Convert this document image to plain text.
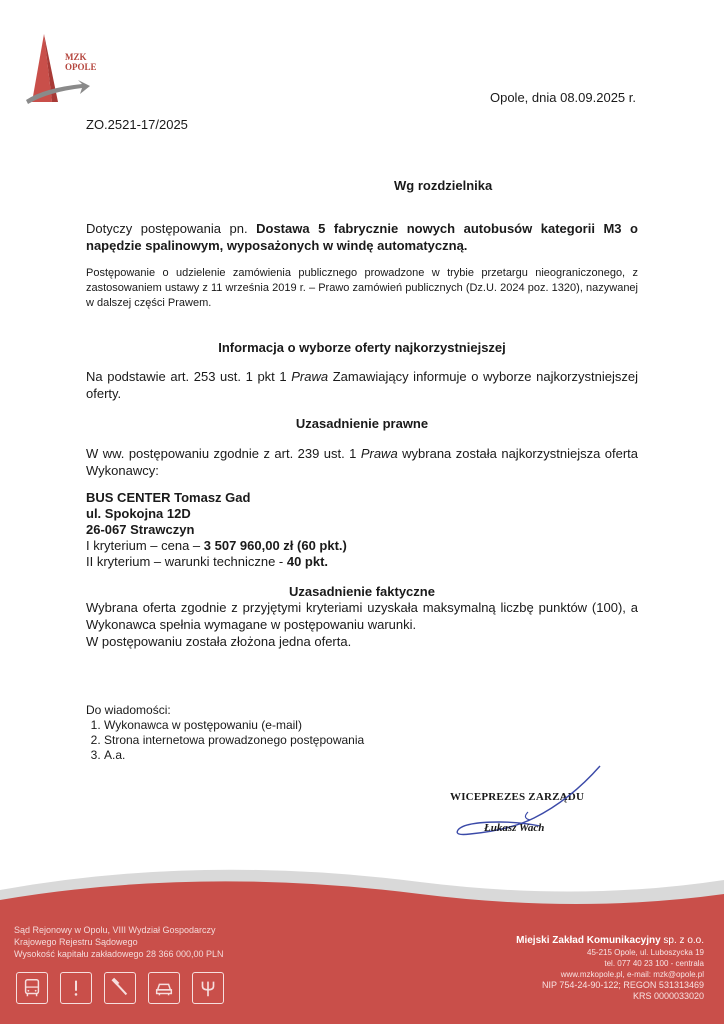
MZK
OPOLE
Opole, dnia 08.09.2025 r.
ZO.2521-17/2025
Wg rozdzielnika
Dotyczy postępowania pn. Dostawa 5 fabrycznie nowych autobusów kategorii M3 o napędzie spalinowym, wyposażonych w windę automatyczną.
Postępowanie o udzielenie zamówienia publicznego prowadzone w trybie przetargu nieograniczonego, z zastosowaniem ustawy z 11 września 2019 r. – Prawo zamówień publicznych (Dz.U. 2024 poz. 1320), nazywanej w dalszej części Prawem.
Informacja o wyborze oferty najkorzystniejszej
Na podstawie art. 253 ust. 1 pkt 1 Prawa Zamawiający informuje o wyborze najkorzystniejszej oferty.
Uzasadnienie prawne
W ww. postępowaniu zgodnie z art. 239 ust. 1 Prawa wybrana została najkorzystniejsza oferta Wykonawcy:
BUS CENTER Tomasz Gad
ul. Spokojna 12D
26-067 Strawczyn
I kryterium – cena – 3 507 960,00 zł (60 pkt.)
II kryterium – warunki techniczne - 40 pkt.
Uzasadnienie faktyczne
Wybrana oferta zgodnie z przyjętymi kryteriami uzyskała maksymalną liczbę punktów (100), a Wykonawca spełnia wymagane w postępowaniu warunki.
W postępowaniu została złożona jedna oferta.
Do wiadomości:
1. Wykonawca w postępowaniu (e-mail)
2. Strona internetowa prowadzonego postępowania
3. A.a.
WICEPREZES ZARZĄDU
Łukasz Wach
Sąd Rejonowy w Opolu, VIII Wydział Gospodarczy
Krajowego Rejestru Sądowego
Wysokość kapitału zakładowego 28 366 000,00 PLN
Miejski Zakład Komunikacyjny sp. z o.o.
45-215 Opole, ul. Luboszycka 19
tel. 077 40 23 100 - centrala
www.mzkopole.pl, e-mail: mzk@opole.pl
NIP 754-24-90-122; REGON 531313469
KRS 0000033020
